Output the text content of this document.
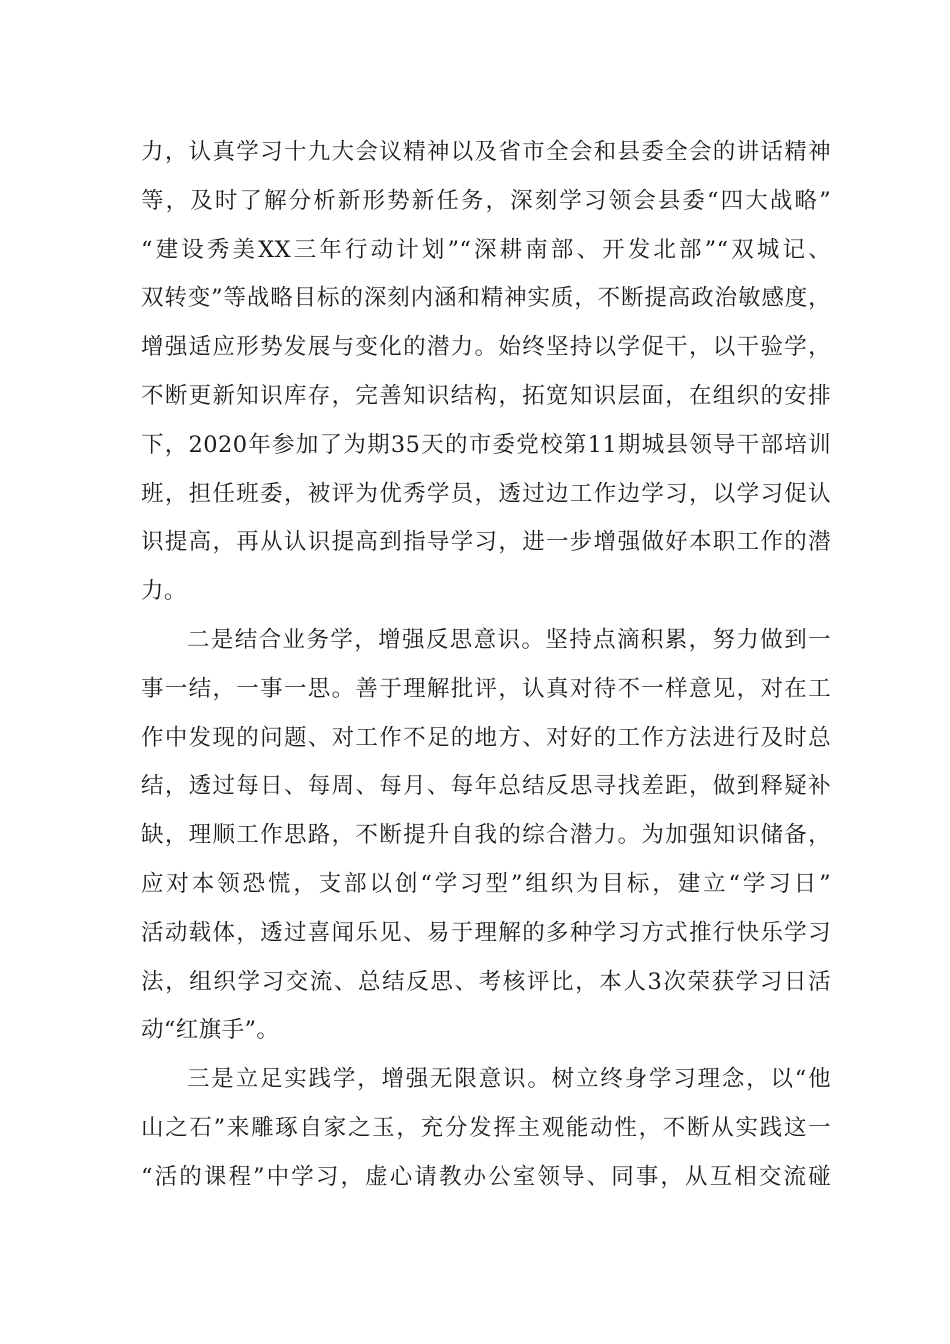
力，认真学习十九大会议精神以及省市全会和县委全会的讲话精神
等，及时了解分析新形势新任务，深刻学习领会县委“四大战略”
“建设秀美XX三年行动计划”“深耕南部、开发北部”“双城记、
双转变”等战略目标的深刻内涵和精神实质，不断提高政治敏感度，
增强适应形势发展与变化的潜力。始终坚持以学促干，以干验学，
不断更新知识库存，完善知识结构，拓宽知识层面，在组织的安排
下，2020年参加了为期35天的市委党校第11期城县领导干部培训
班，担任班委，被评为优秀学员，透过边工作边学习，以学习促认
识提高，再从认识提高到指导学习，进一步增强做好本职工作的潜
力。
二是结合业务学，增强反思意识。坚持点滴积累，努力做到一
事一结，一事一思。善于理解批评，认真对待不一样意见，对在工
作中发现的问题、对工作不足的地方、对好的工作方法进行及时总
结，透过每日、每周、每月、每年总结反思寻找差距，做到释疑补
缺，理顺工作思路，不断提升自我的综合潜力。为加强知识储备，
应对本领恐慌，支部以创“学习型”组织为目标，建立“学习日”
活动载体，透过喜闻乐见、易于理解的多种学习方式推行快乐学习
法，组织学习交流、总结反思、考核评比，本人3次荣获学习日活
动“红旗手”。
三是立足实践学，增强无限意识。树立终身学习理念，以“他
山之石”来雕琢自家之玉，充分发挥主观能动性，不断从实践这一
“活的课程”中学习，虚心请教办公室领导、同事，从互相交流碰
